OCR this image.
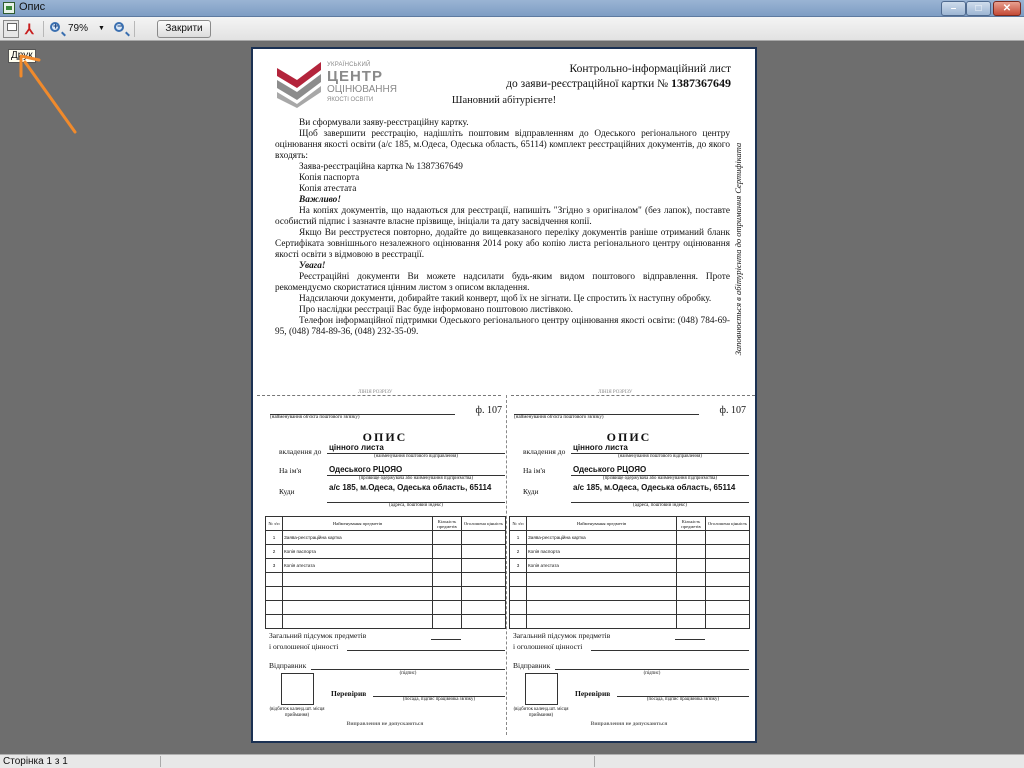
Опис	–	□	✕
⅄ + 79% ▼ −	Закрити
УКРАЇНСЬКИЙ
ЦЕНТР
ОЦІНЮВАННЯ
ЯКОСТІ ОСВІТИ
Контрольно-інформаційний лист
до заяви-реєстраційної картки № 1387367649
Шановний абітурієнте!

Ви сформували заяву-реєстраційну картку.

Щоб завершити реєстрацію, надішліть поштовим відправленням до Одеського регіонального центру оцінювання якості освіти (а/с 185, м.Одеса, Одеська область, 65114) комплект реєстраційних документів, до якого входять:

Заява-реєстраційна картка № 1387367649

Копія паспорта

Копія атестата

Важливо!

На копіях документів, що надаються для реєстрації, напишіть "Згідно з оригіналом" (без лапок), поставте особистий підпис і зазначте власне прізвище, ініціали та дату засвідчення копії.

Якщо Ви реєструєтеся повторно, додайте до вищевказаного переліку документів раніше отриманий бланк Сертифіката зовнішнього незалежного оцінювання 2014 року або копію листа регіонального центру оцінювання якості освіти з відмовою в реєстрації.

Увага!

Реєстраційні документи Ви можете надсилати будь-яким видом поштового відправлення. Проте рекомендуємо скористатися цінним листом з описом вкладення.

Надсилаючи документи, добирайте такий конверт, щоб їх не зігнати. Це спростить їх наступну обробку.

Про наслідки реєстрації Вас буде інформовано поштовою листівкою.

Телефон інформаційної підтримки Одеського регіонального центру оцінювання якості освіти: (048) 784-69-95, (048) 784-89-36, (048) 232-35-09.	Заповнюється в абітурієнта до отримання Сертифіката
ЛІНІЯ РОЗРІЗУ	ЛІНІЯ РОЗРІЗУ
ф. 107
(найменування об'єкта поштового зв'язку)
ОПИС
вкладення до цінного листа
(найменування поштового відправлення)
На ім'я	Одеського РЦОЯО
(прізвище одержувача або найменування підприємства)
Куди	а/с 185, м.Одеса, Одеська область, 65114
(адреса, поштовий індекс)
№ з/п	Найменування предметів	Кількість предметів	Оголошена цінність
1	Заява-реєстраційна картка		
2	Копія паспорта		
3	Копія атестата		

Загальний підсумок предметів
і оголошеної цінності
Відправник
(підпис)
Перевірив
(посада, підпис працівника зв'язку)
(відбиток календ.шт. місця приймання)
Виправлення не допускаються
ф. 107
(найменування об'єкта поштового зв'язку)
ОПИС
вкладення до цінного листа
(найменування поштового відправлення)
На ім'я	Одеського РЦОЯО
(прізвище одержувача або найменування підприємства)
Куди	а/с 185, м.Одеса, Одеська область, 65114
(адреса, поштовий індекс)
№ з/п	Найменування предметів	Кількість предметів	Оголошена цінність
1	Заява-реєстраційна картка		
2	Копія паспорта		
3	Копія атестата		

Загальний підсумок предметів
і оголошеної цінності
Відправник
(підпис)
Перевірив
(посада, підпис працівника зв'язку)
(відбиток календ.шт. місця приймання)
Виправлення не допускаються
Друк
Сторінка 1 з 1
